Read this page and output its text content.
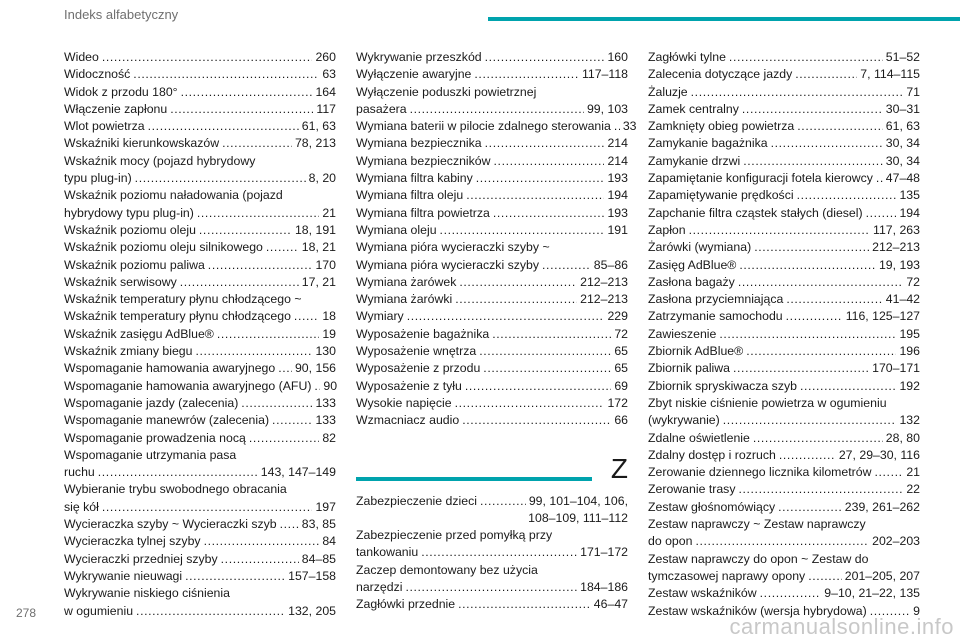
Indeks alfabetyczny
Wideo .....	260
Widoczność .....	63
Widok z przodu 180° .....	164
Włączenie zapłonu .....	117
Wlot powietrza .....	61, 63
Wskaźniki kierunkowskazów .....	78, 213
Wskaźnik mocy (pojazd hybrydowy
typu plug-in) .....	8, 20
Wskaźnik poziomu naładowania (pojazd
hybrydowy typu plug-in) .....	21
Wskaźnik poziomu oleju .....	18, 191
Wskaźnik poziomu oleju silnikowego .....	18, 21
Wskaźnik poziomu paliwa .....	170
Wskaźnik serwisowy .....	17, 21
Wskaźnik temperatury płynu chłodzącego ~
Wskaźnik temperatury płynu chłodzącego .....	18
Wskaźnik zasięgu AdBlue® .....	19
Wskaźnik zmiany biegu .....	130
Wspomaganie hamowania awaryjnego ..... 90, 156
Wspomaganie hamowania awaryjnego (AFU) ..... 90
Wspomaganie jazdy (zalecenia) .....	133
Wspomaganie manewrów (zalecenia) .....	133
Wspomaganie prowadzenia nocą .....	82
Wspomaganie utrzymania pasa
ruchu .....	143, 147–149
Wybieranie trybu swobodnego obracania
się kół .....	197
Wycieraczka szyby ~ Wycieraczki szyb ..... 83, 85
Wycieraczka tylnej szyby .....	84
Wycieraczki przedniej szyby .....	84–85
Wykrywanie nieuwagi .....	157–158
Wykrywanie niskiego ciśnienia
w ogumieniu .....	132, 205
Wykrywanie przeszkód .....	160
Wyłączenie awaryjne .....	117–118
Wyłączenie poduszki powietrznej
pasażera .....	99, 103
Wymiana baterii w pilocie zdalnego sterowania ..... 33
Wymiana bezpiecznika .....	214
Wymiana bezpieczników .....	214
Wymiana filtra kabiny .....	193
Wymiana filtra oleju .....	194
Wymiana filtra powietrza .....	193
Wymiana oleju .....	191
Wymiana pióra wycieraczki szyby ~
Wymiana pióra wycieraczki szyby .....	85–86
Wymiana żarówek .....	212–213
Wymiana żarówki .....	212–213
Wymiary .....	229
Wyposażenie bagażnika .....	72
Wyposażenie wnętrza .....	65
Wyposażenie z przodu .....	65
Wyposażenie z tyłu .....	69
Wysokie napięcie .....	172
Wzmacniacz audio .....	66
Z
Zabezpieczenie dzieci .....	99, 101–104, 106,
108–109, 111–112
Zabezpieczenie przed pomyłką przy
tankowaniu .....	171–172
Zaczep demontowany bez użycia
narzędzi .....	184–186
Zagłówki przednie .....	46–47
Zagłówki tylne .....	51–52
Zalecenia dotyczące jazdy .....	7, 114–115
Żaluzje .....	71
Zamek centralny .....	30–31
Zamknięty obieg powietrza .....	61, 63
Zamykanie bagażnika .....	30, 34
Zamykanie drzwi .....	30, 34
Zapamiętanie konfiguracji fotela kierowcy ..... 47–48
Zapamiętywanie prędkości .....	135
Zapchanie filtra cząstek stałych (diesel) .....	194
Zapłon .....	117, 263
Żarówki (wymiana) .....	212–213
Zasięg AdBlue® .....	19, 193
Zasłona bagaży .....	72
Zasłona przyciemniająca .....	41–42
Zatrzymanie samochodu .....	116, 125–127
Zawieszenie .....	195
Zbiornik AdBlue® .....	196
Zbiornik paliwa .....	170–171
Zbiornik spryskiwacza szyb .....	192
Zbyt niskie ciśnienie powietrza w ogumieniu
(wykrywanie) .....	132
Zdalne oświetlenie .....	28, 80
Zdalny dostęp i rozruch .....	27, 29–30, 116
Zerowanie dziennego licznika kilometrów .....	21
Zerowanie trasy .....	22
Zestaw głośnomówiący .....	239, 261–262
Zestaw naprawczy ~ Zestaw naprawczy
do opon .....	202–203
Zestaw naprawczy do opon ~ Zestaw do
tymczasowej naprawy opony .....	201–205, 207
Zestaw wskaźników .....	9–10, 21–22, 135
Zestaw wskaźników (wersja hybrydowa) .....	9
278
carmanualsonline.info
